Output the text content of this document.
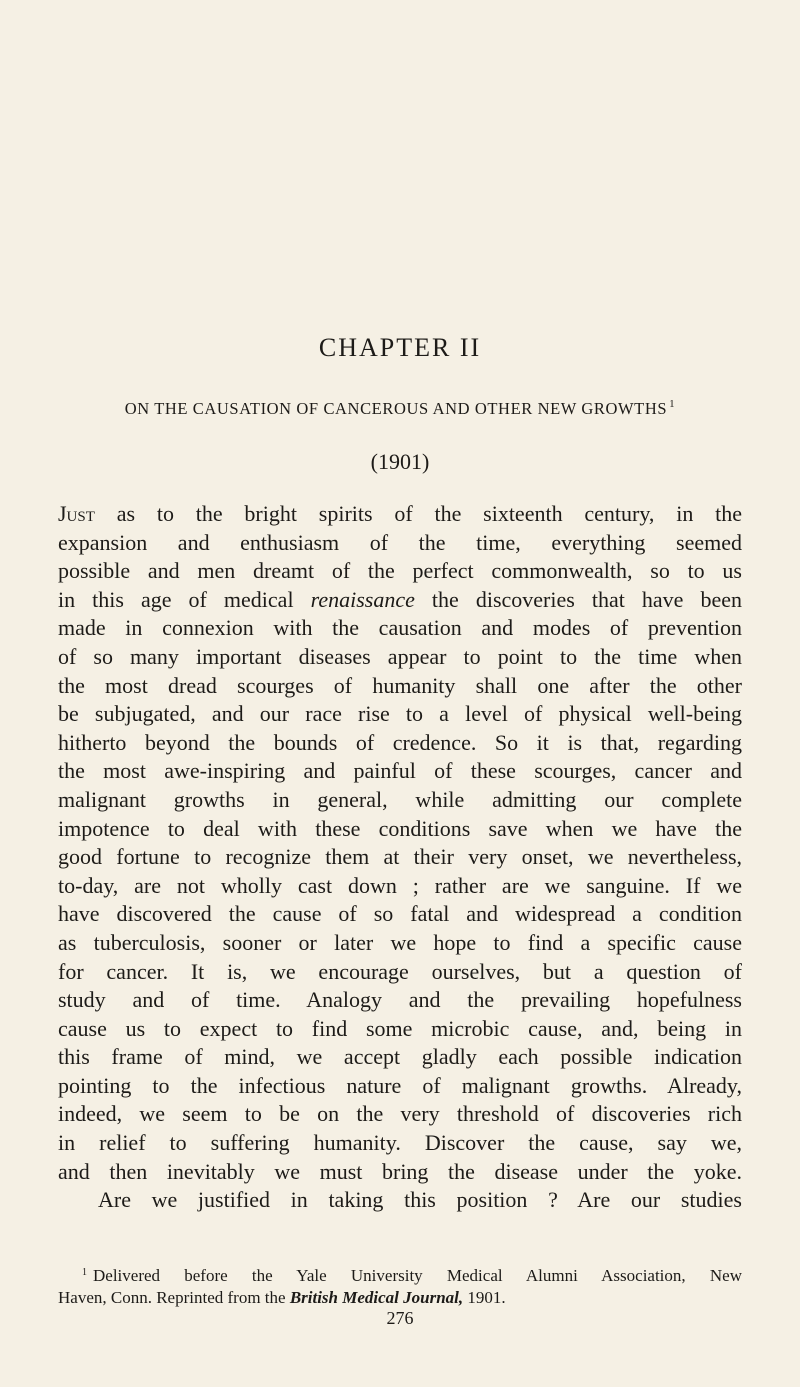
CHAPTER II
ON THE CAUSATION OF CANCEROUS AND OTHER NEW GROWTHS $^1$
(1901)
Just as to the bright spirits of the sixteenth century, in the
expansion and enthusiasm of the time, everything seemed
possible and men dreamt of the perfect commonwealth, so to us
in this age of medical renaissance the discoveries that have been
made in connexion with the causation and modes of prevention
of so many important diseases appear to point to the time when
the most dread scourges of humanity shall one after the other
be subjugated, and our race rise to a level of physical well-being
hitherto beyond the bounds of credence. So it is that, regarding
the most awe-inspiring and painful of these scourges, cancer and
malignant growths in general, while admitting our complete
impotence to deal with these conditions save when we have the
good fortune to recognize them at their very onset, we nevertheless,
to-day, are not wholly cast down ; rather are we sanguine. If we
have discovered the cause of so fatal and widespread a condition
as tuberculosis, sooner or later we hope to find a specific cause
for cancer. It is, we encourage ourselves, but a question of
study and of time. Analogy and the prevailing hopefulness
cause us to expect to find some microbic cause, and, being in
this frame of mind, we accept gladly each possible indication
pointing to the infectious nature of malignant growths. Already,
indeed, we seem to be on the very threshold of discoveries rich
in relief to suffering humanity. Discover the cause, say we,
and then inevitably we must bring the disease under the yoke.
Are we justified in taking this position ? Are our studies
$^1$ Delivered before the Yale University Medical Alumni Association, New
Haven, Conn. Reprinted from the British Medical Journal, 1901.
276
